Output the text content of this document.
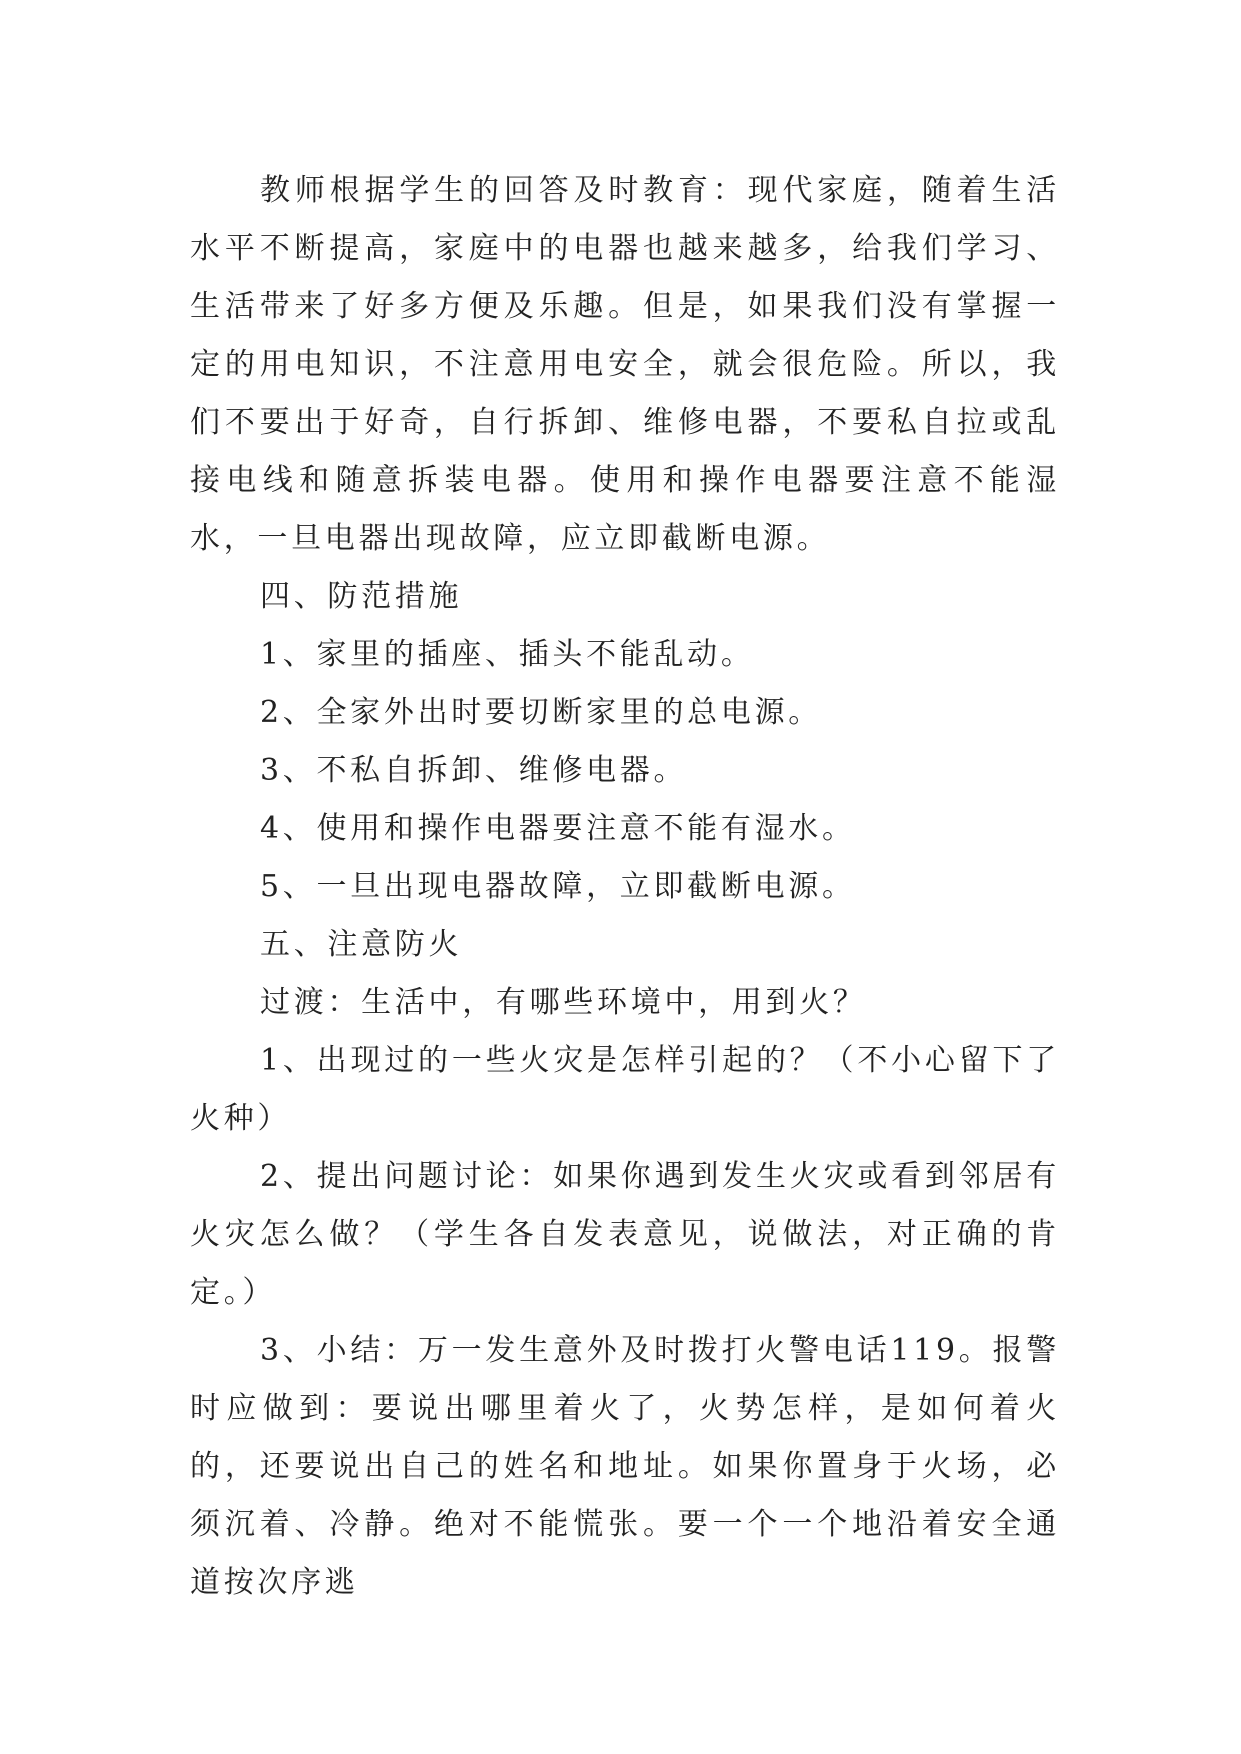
教师根据学生的回答及时教育：现代家庭，随着生活水平不断提高，家庭中的电器也越来越多，给我们学习、生活带来了好多方便及乐趣。但是，如果我们没有掌握一定的用电知识，不注意用电安全，就会很危险。所以，我们不要出于好奇，自行拆卸、维修电器，不要私自拉或乱接电线和随意拆装电器。使用和操作电器要注意不能湿水，一旦电器出现故障，应立即截断电源。

四、防范措施

1、家里的插座、插头不能乱动。

2、全家外出时要切断家里的总电源。

3、不私自拆卸、维修电器。

4、使用和操作电器要注意不能有湿水。

5、一旦出现电器故障，立即截断电源。

五、注意防火

过渡：生活中，有哪些环境中，用到火？

1、出现过的一些火灾是怎样引起的？（不小心留下了火种）

2、提出问题讨论：如果你遇到发生火灾或看到邻居有火灾怎么做？（学生各自发表意见，说做法，对正确的肯定。）

3、小结：万一发生意外及时拨打火警电话119。报警时应做到：要说出哪里着火了，火势怎样，是如何着火的，还要说出自己的姓名和地址。如果你置身于火场，必须沉着、冷静。绝对不能慌张。要一个一个地沿着安全通道按次序逃
